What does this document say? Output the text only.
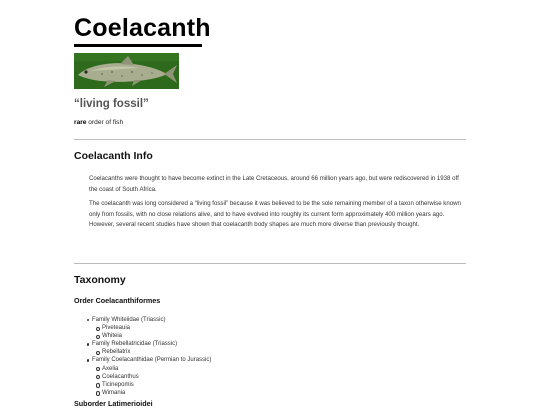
Coelacanth

“living fossil”

rare order of fish

Coelacanth Info

Coelacanths were thought to have become extinct in the Late Cretaceous, around 66 million years ago, but were rediscovered in 1938 off the coast of South Africa.

The coelacanth was long considered a “living fossil” because it was believed to be the sole remaining member of a taxon otherwise known only from fossils, with no close relations alive, and to have evolved into roughly its current form approximately 400 million years ago. However, several recent studies have shown that coelacanth body shapes are much more diverse than previously thought.

Taxonomy
Order Coelacanthiformes
Family Whiteiidae (Triassic)
Piveteauia
Whiteia
Family Rebellatricidae (Triassic)
Rebellatrix
Family Coelacanthidae (Permian to Jurassic)
Axelia
Coelacanthus
Ticinepomis
Wimania
Suborder Latimerioidei
